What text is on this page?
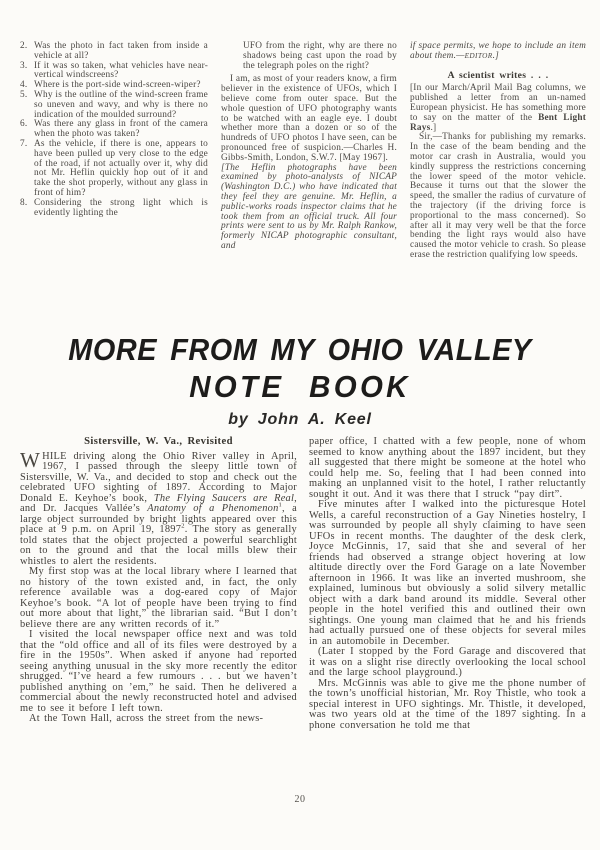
2. Was the photo in fact taken from inside a vehicle at all?
3. If it was so taken, what vehicles have near-vertical windscreens?
4. Where is the port-side wind-screen-wiper?
5. Why is the outline of the wind-screen frame so uneven and wavy, and why is there no indication of the moulded surround?
6. Was there any glass in front of the camera when the photo was taken?
7. As the vehicle, if there is one, appears to have been pulled up very close to the edge of the road, if not actually over it, why did not Mr. Heflin quickly hop out of it and take the shot properly, without any glass in front of him?
8. Considering the strong light which is evidently lighting the

UFO from the right, why are there no shadows being cast upon the road by the telegraph poles on the right?

I am, as most of your readers know, a firm believer in the existence of UFOs, which I believe come from outer space. But the whole question of UFO photography wants to be watched with an eagle eye. I doubt whether more than a dozen or so of the hundreds of UFO photos I have seen, can be pronounced free of suspicion.—Charles H. Gibbs-Smith, London, S.W.7. [May 1967].

[The Heflin photographs have been examined by photo-analysts of NICAP (Washington D.C.) who have indicated that they feel they are genuine. Mr. Heflin, a public-works roads inspector claims that he took them from an official truck. All four prints were sent to us by Mr. Ralph Rankow, formerly NICAP photographic consultant, and

if space permits, we hope to include an item about them.—EDITOR.]

A scientist writes . . .

[In our March/April Mail Bag columns, we published a letter from an un-named European physicist. He has something more to say on the matter of the Bent Light Rays.]

Sir,—Thanks for publishing my remarks. In the case of the beam bending and the motor car crash in Australia, would you kindly suppress the restrictions concerning the lower speed of the motor vehicle. Because it turns out that the slower the speed, the smaller the radius of curvature of the trajectory (if the driving force is proportional to the mass concerned). So after all it may very well be that the force bending the light rays would also have caused the motor vehicle to crash. So please erase the restriction qualifying low speeds.

MORE FROM MY OHIO VALLEY
NOTE BOOK
by John A. Keel
Sistersville, W. Va., Revisited

WHILE driving along the Ohio River valley in April, 1967, I passed through the sleepy little town of Sistersville, W. Va., and decided to stop and check out the celebrated UFO sighting of 1897. According to Major Donald E. Keyhoe’s book, The Flying Saucers are Real, and Dr. Jacques Vallée’s Anatomy of a Phenomenon$^1$, a large object surrounded by bright lights appeared over this place at 9 p.m. on April 19, 1897$^2$. The story as generally told states that the object projected a powerful searchlight on to the ground and that the local mills blew their whistles to alert the residents.

My first stop was at the local library where I learned that no history of the town existed and, in fact, the only reference available was a dog-eared copy of Major Keyhoe’s book. “A lot of people have been trying to find out more about that light,” the librarian said. “But I don’t believe there are any written records of it.”

I visited the local newspaper office next and was told that the “old office and all of its files were destroyed by a fire in the 1950s”. When asked if anyone had reported seeing anything unusual in the sky more recently the editor shrugged. “I’ve heard a few rumours . . . but we haven’t published anything on ’em,” he said. Then he delivered a commercial about the newly reconstructed hotel and advised me to see it before I left town.

At the Town Hall, across the street from the news-

paper office, I chatted with a few people, none of whom seemed to know anything about the 1897 incident, but they all suggested that there might be someone at the hotel who could help me. So, feeling that I had been conned into making an unplanned visit to the hotel, I rather reluctantly sought it out. And it was there that I struck “pay dirt”.

Five minutes after I walked into the picturesque Hotel Wells, a careful reconstruction of a Gay Nineties hostelry, I was surrounded by people all shyly claiming to have seen UFOs in recent months. The daughter of the desk clerk, Joyce McGinnis, 17, said that she and several of her friends had observed a strange object hovering at low altitude directly over the Ford Garage on a late November afternoon in 1966. It was like an inverted mushroom, she explained, luminous but obviously a solid silvery metallic object with a dark band around its middle. Several other people in the hotel verified this and outlined their own sightings. One young man claimed that he and his friends had actually pursued one of these objects for several miles in an automobile in December.

(Later I stopped by the Ford Garage and discovered that it was on a slight rise directly overlooking the local school and the large school playground.)

Mrs. McGinnis was able to give me the phone number of the town’s unofficial historian, Mr. Roy Thistle, who took a special interest in UFO sightings. Mr. Thistle, it developed, was two years old at the time of the 1897 sighting. In a phone conversation he told me that

20
